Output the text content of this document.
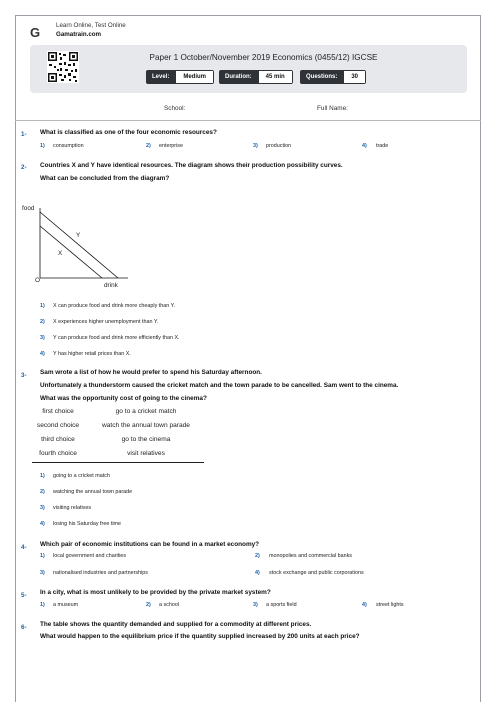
G	Learn Online, Test Online
Gamatrain.com
Paper 1 October/November 2019 Economics (0455/12) IGCSE
Level:	Medium	Duration:	45 min	Questions:	30
School:	Full Name:
1- What is classified as one of the four economic resources?
1) consumption	2) enterprise	3) production	4) trade
2- Countries X and Y have identical resources. The diagram shows their production possibility curves.
What can be concluded from the diagram?
food
drink
O
X
Y
1) X can produce food and drink more cheaply than Y.
2) X experiences higher unemployment than Y.
3) Y can produce food and drink more efficiently than X.
4) Y has higher retail prices than X.
3- Sam wrote a list of how he would prefer to spend his Saturday afternoon.
Unfortunately a thunderstorm caused the cricket match and the town parade to be cancelled. Sam went to the cinema.
What was the opportunity cost of going to the cinema?
first choice	go to a cricket match
second choice	watch the annual town parade
third choice	go to the cinema
fourth choice	visit relatives
1) going to a cricket match
2) watching the annual town parade
3) visiting relatives
4) losing his Saturday free time
4- Which pair of economic institutions can be found in a market economy?
1) local government and charities	2) monopolies and commercial banks
3) nationalised industries and partnerships	4) stock exchange and public corporations
5- In a city, what is most unlikely to be provided by the private market system?
1) a museum	2) a school	3) a sports field	4) street lights
6- The table shows the quantity demanded and supplied for a commodity at different prices.
What would happen to the equilibrium price if the quantity supplied increased by 200 units at each price?
